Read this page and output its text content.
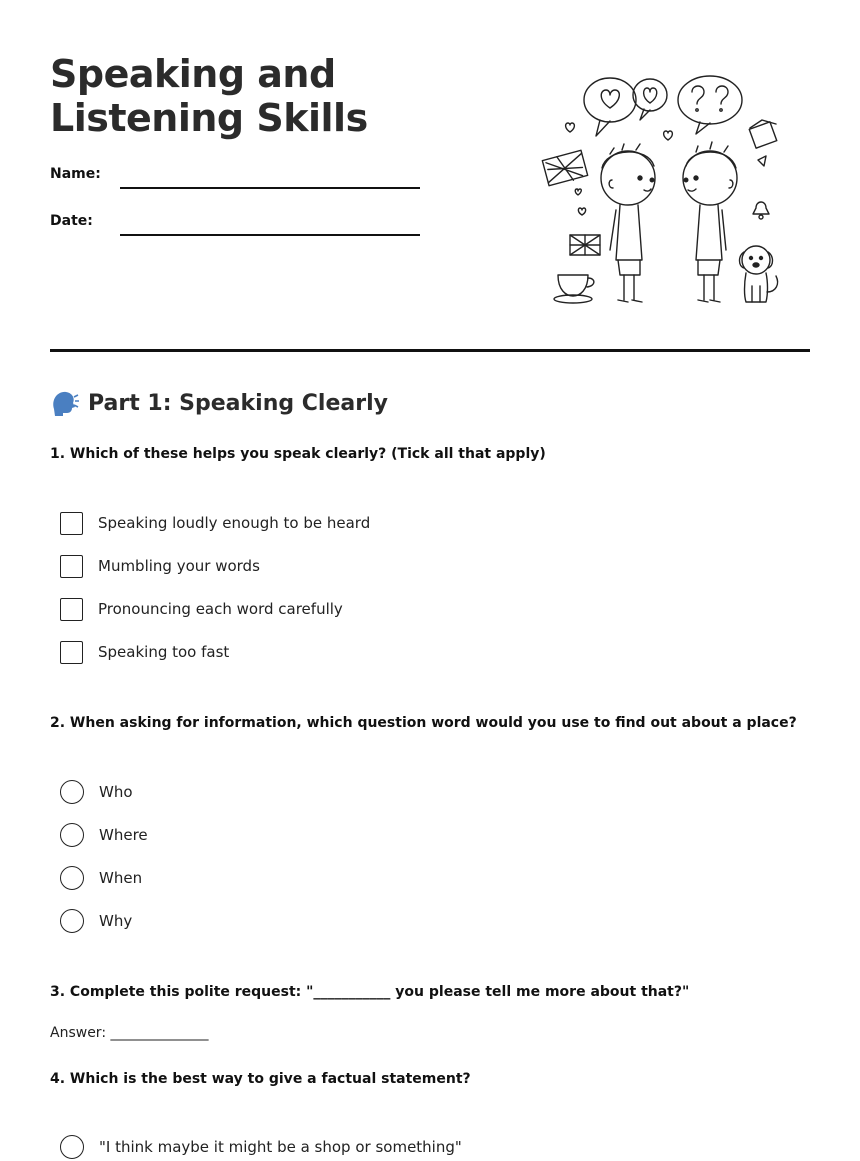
Speaking and Listening Skills
Name:
Date:
Part 1: Speaking Clearly
1. Which of these helps you speak clearly? (Tick all that apply)
Speaking loudly enough to be heard
Mumbling your words
Pronouncing each word carefully
Speaking too fast
2. When asking for information, which question word would you use to find out about a place?
Who
Where
When
Why
3. Complete this polite request: "___________ you please tell me more about that?"
Answer: ______________
4. Which is the best way to give a factual statement?
"I think maybe it might be a shop or something"
